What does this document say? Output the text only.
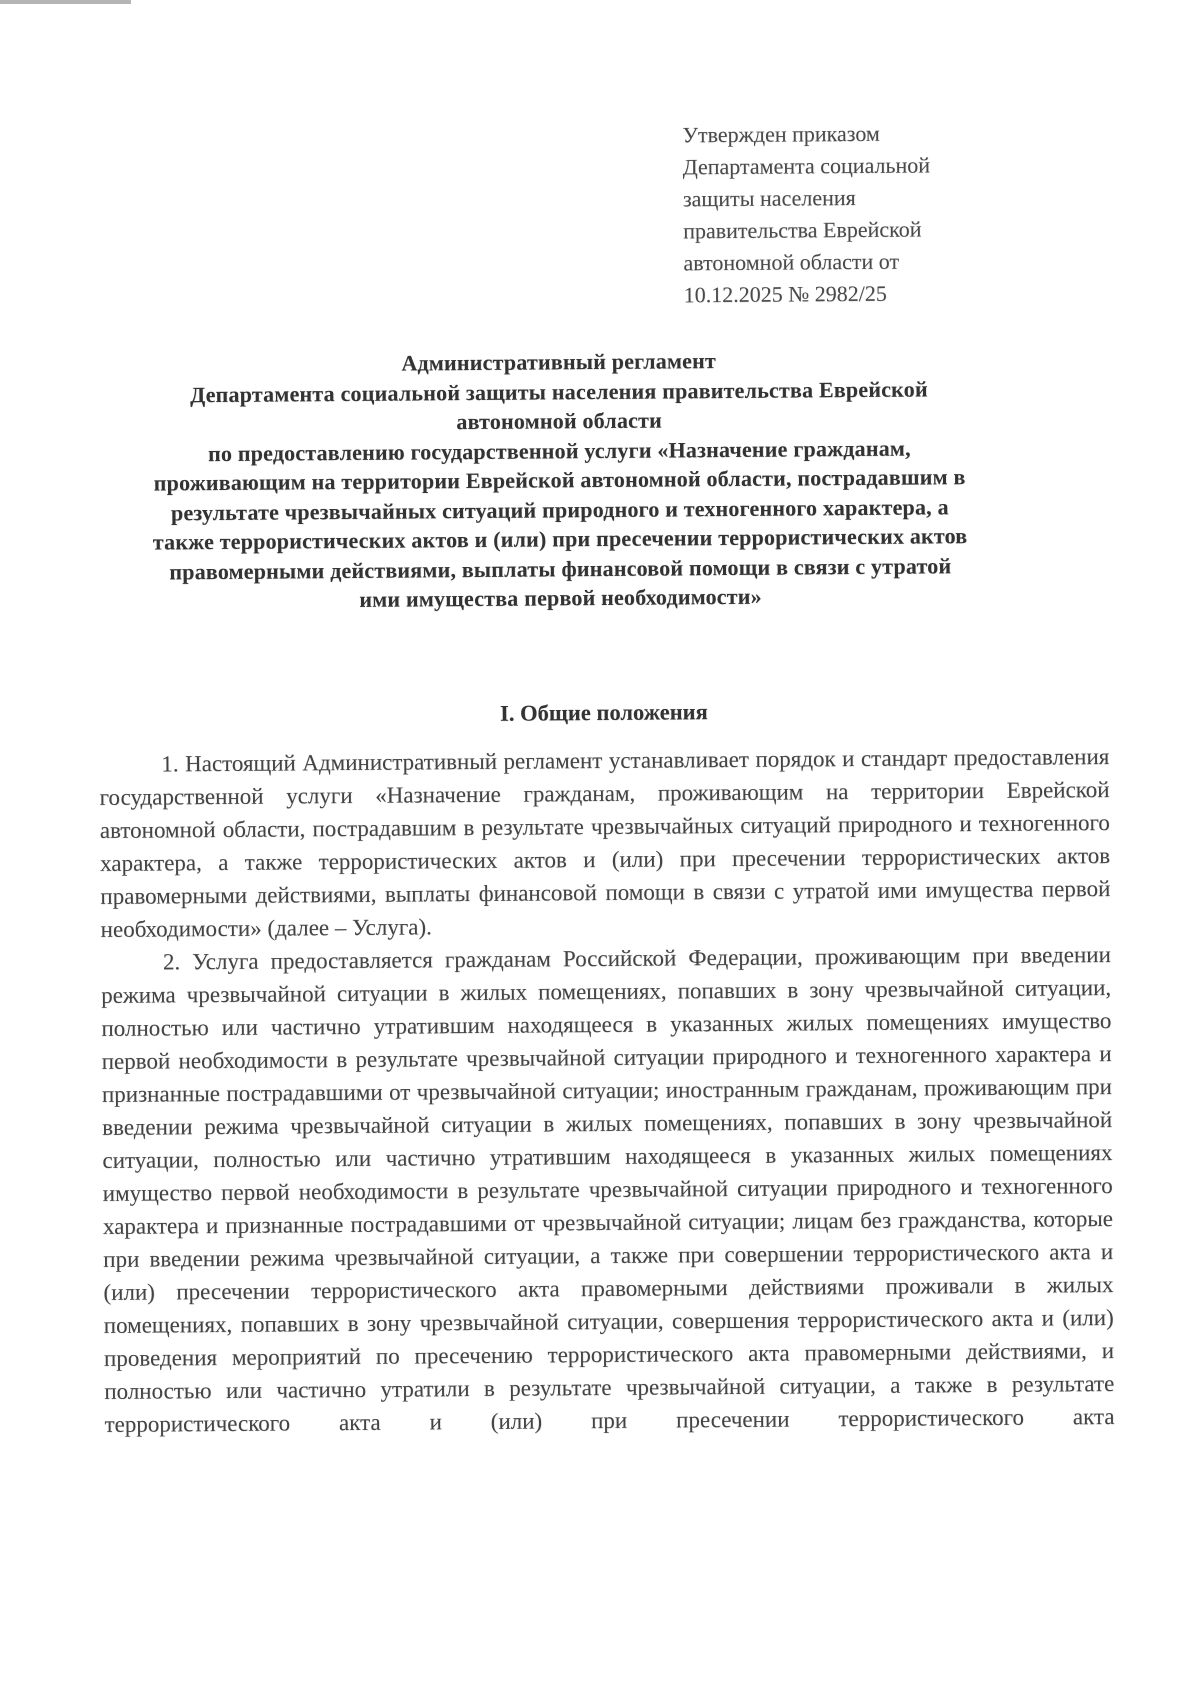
Утвержден приказом
Департамента социальной
защиты населения
правительства Еврейской
автономной области от
10.12.2025 № 2982/25
Административный регламент
Департамента социальной защиты населения правительства Еврейской
автономной области
по предоставлению государственной услуги «Назначение гражданам,
проживающим на территории Еврейской автономной области, пострадавшим в
результате чрезвычайных ситуаций природного и техногенного характера, а
также террористических актов и (или) при пресечении террористических актов
правомерными действиями, выплаты финансовой помощи в связи с утратой
ими имущества первой необходимости»
I. Общие положения

1. Настоящий Административный регламент устанавливает порядок и стандарт предоставления государственной услуги «Назначение гражданам, проживающим на территории Еврейской автономной области, пострадавшим в результате чрезвычайных ситуаций природного и техногенного характера, а также террористических актов и (или) при пресечении террористических актов правомерными действиями, выплаты финансовой помощи в связи с утратой ими имущества первой необходимости» (далее – Услуга).

2. Услуга предоставляется гражданам Российской Федерации, проживающим при введении режима чрезвычайной ситуации в жилых помещениях, попавших в зону чрезвычайной ситуации, полностью или частично утратившим находящееся в указанных жилых помещениях имущество первой необходимости в результате чрезвычайной ситуации природного и техногенного характера и признанные пострадавшими от чрезвычайной ситуации; иностранным гражданам, проживающим при введении режима чрезвычайной ситуации в жилых помещениях, попавших в зону чрезвычайной ситуации, полностью или частично утратившим находящееся в указанных жилых помещениях имущество первой необходимости в результате чрезвычайной ситуации природного и техногенного характера и признанные пострадавшими от чрезвычайной ситуации; лицам без гражданства, которые при введении режима чрезвычайной ситуации, а также при совершении террористического акта и (или) пресечении террористического акта правомерными действиями проживали в жилых помещениях, попавших в зону чрезвычайной ситуации, совершения террористического акта и (или) проведения мероприятий по пресечению террористического акта правомерными действиями, и полностью или частично утратили в результате чрезвычайной ситуации, а также в результате террористического акта и (или) при пресечении террористического акта
